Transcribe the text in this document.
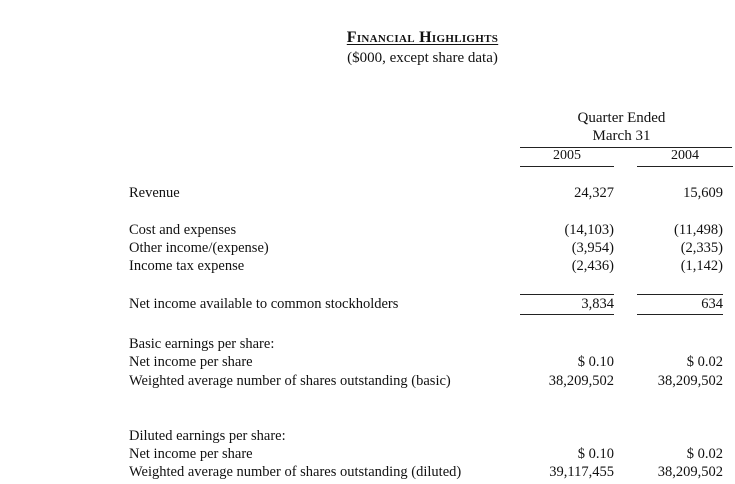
Financial Highlights
($000, except share data)
Quarter Ended
March 31
2005	2004
Revenue	24,327	15,609
Cost and expenses	(14,103)	(11,498)
Other income/(expense)	(3,954)	(2,335)
Income tax expense	(2,436)	(1,142)
Net income available to common stockholders	3,834	634
Basic earnings per share:
Net income per share	$ 0.10	$ 0.02
Weighted average number of shares outstanding (basic)	38,209,502	38,209,502
Diluted earnings per share:
Net income per share	$ 0.10	$ 0.02
Weighted average number of shares outstanding (diluted)	39,117,455	38,209,502
